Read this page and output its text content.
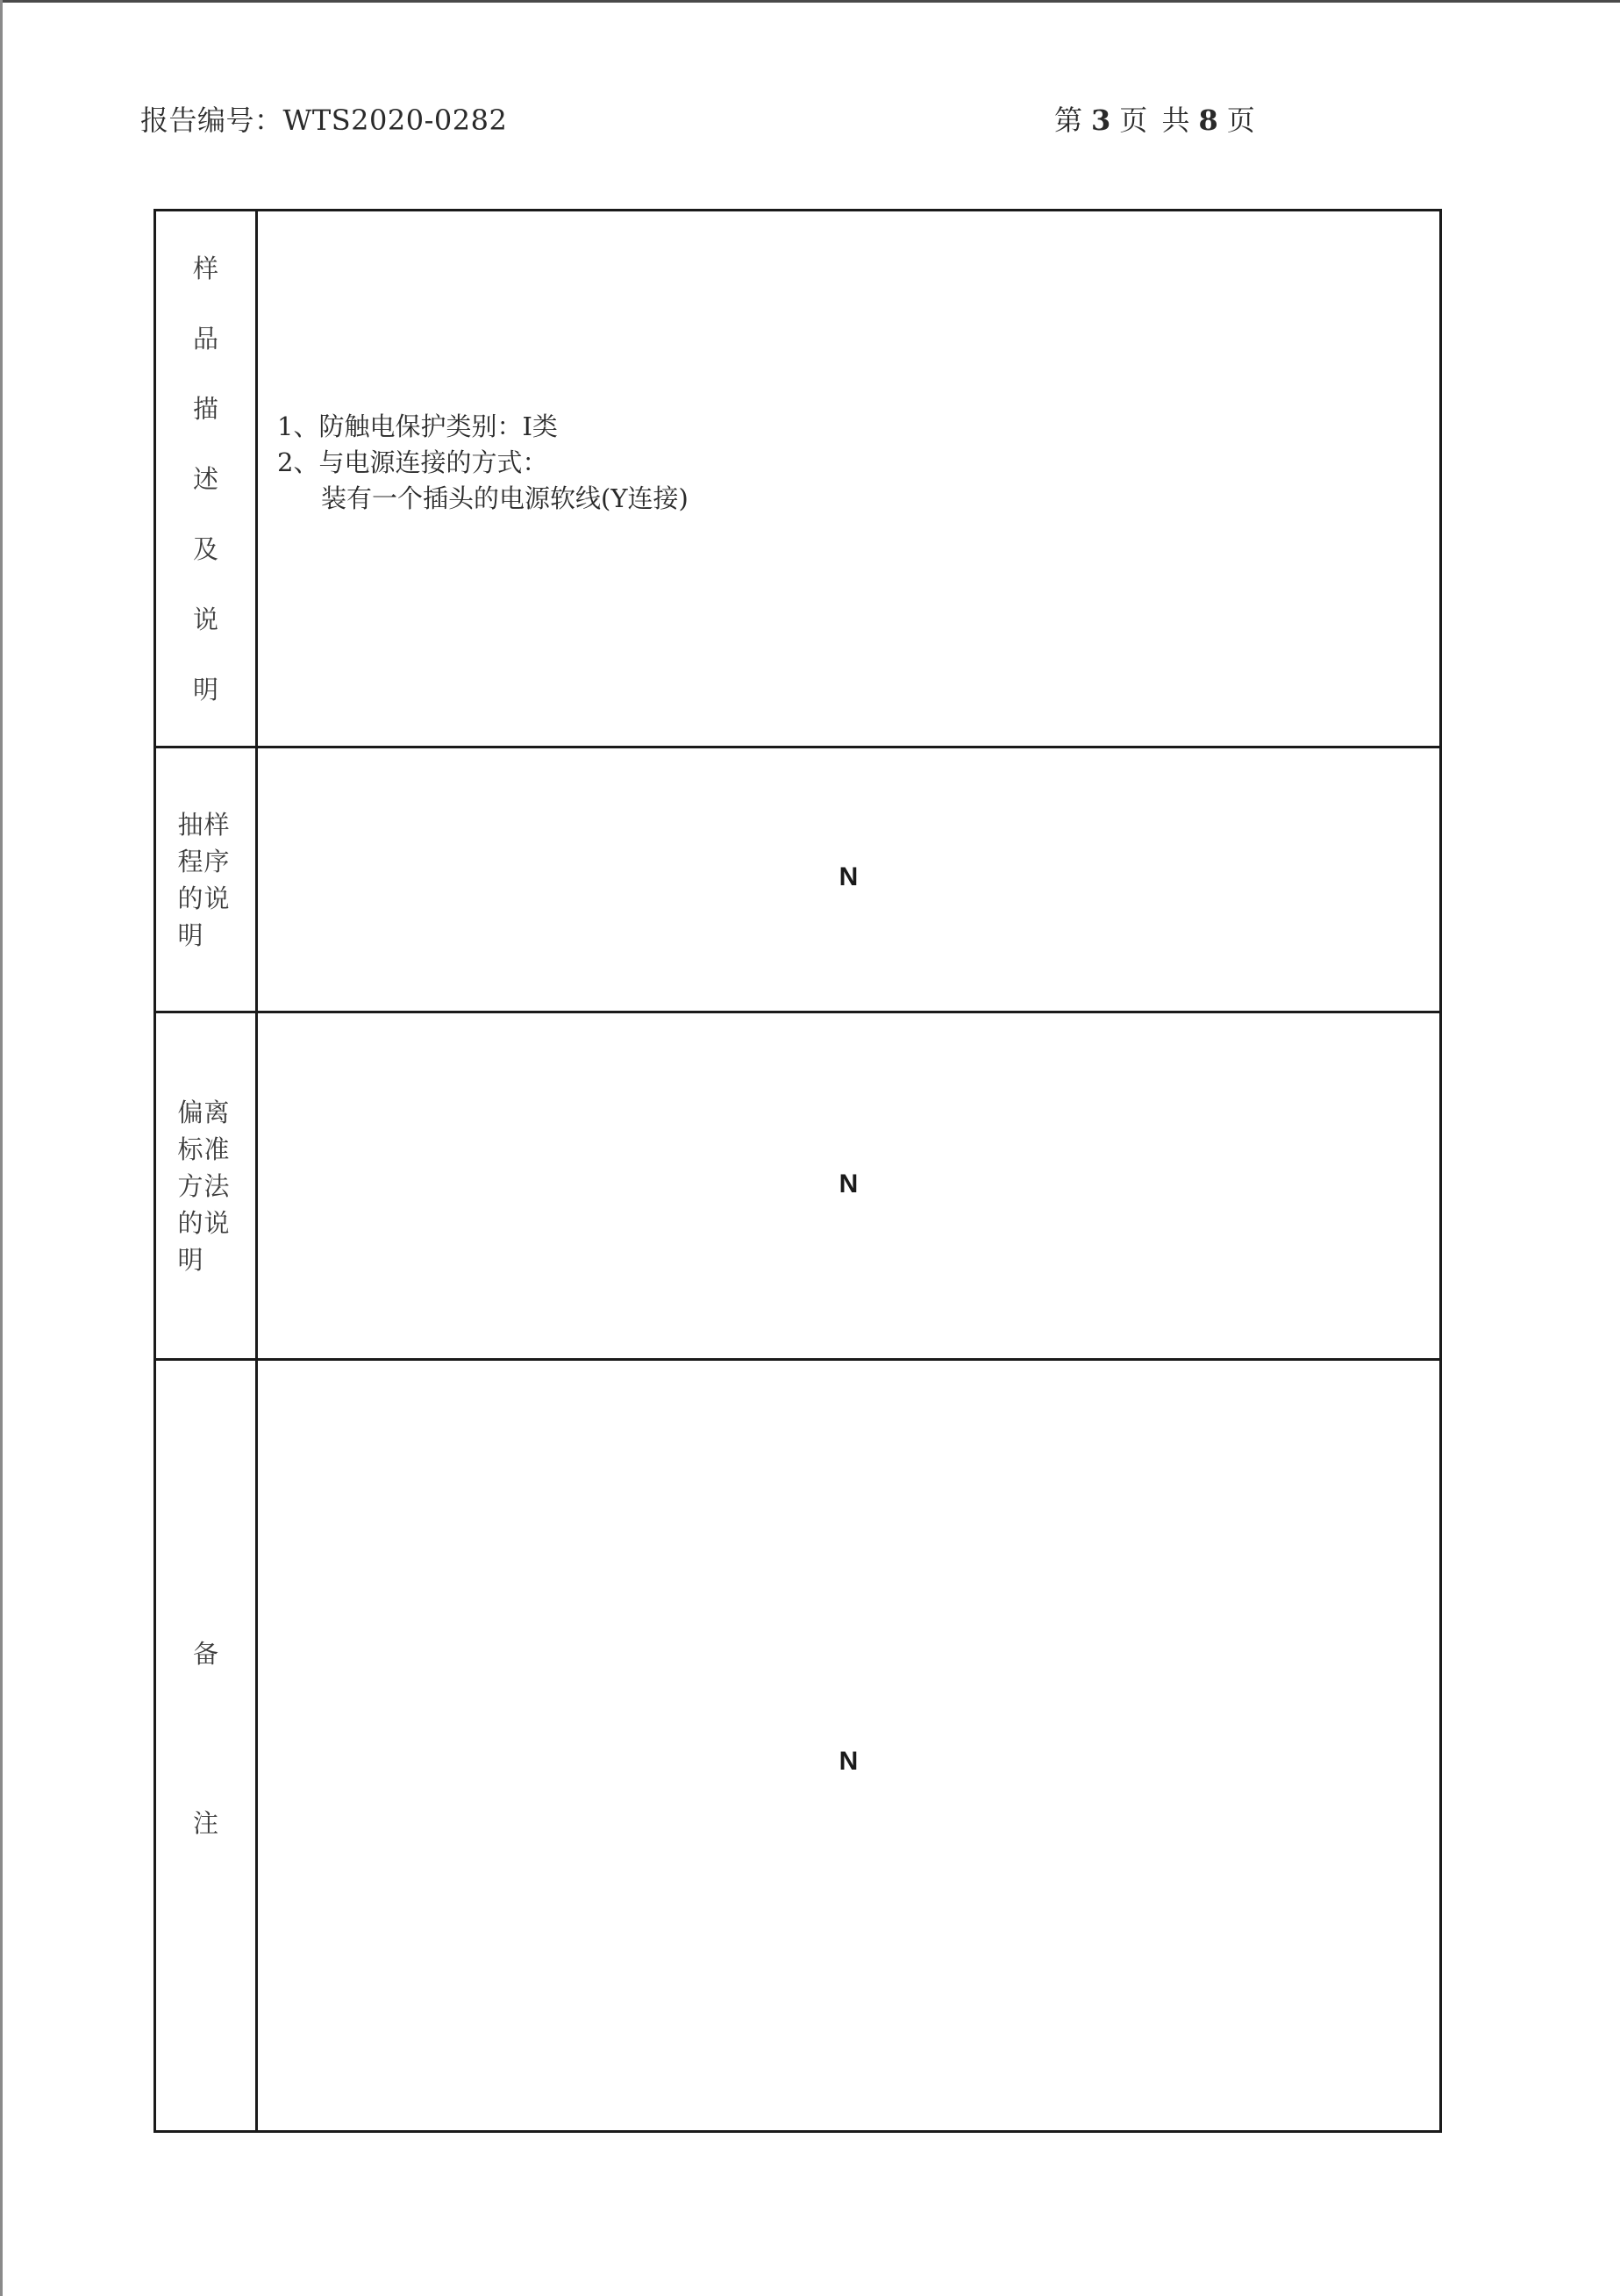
报告编号：WTS2020-0282	第 3 页 共 8 页
样
品
描
述
及
说
明
1、防触电保护类别：I类
2、与电源连接的方式：
装有一个插头的电源软线(Y连接)
抽样程序的说明
N
偏离标准方法的说明
N
备
注
N
